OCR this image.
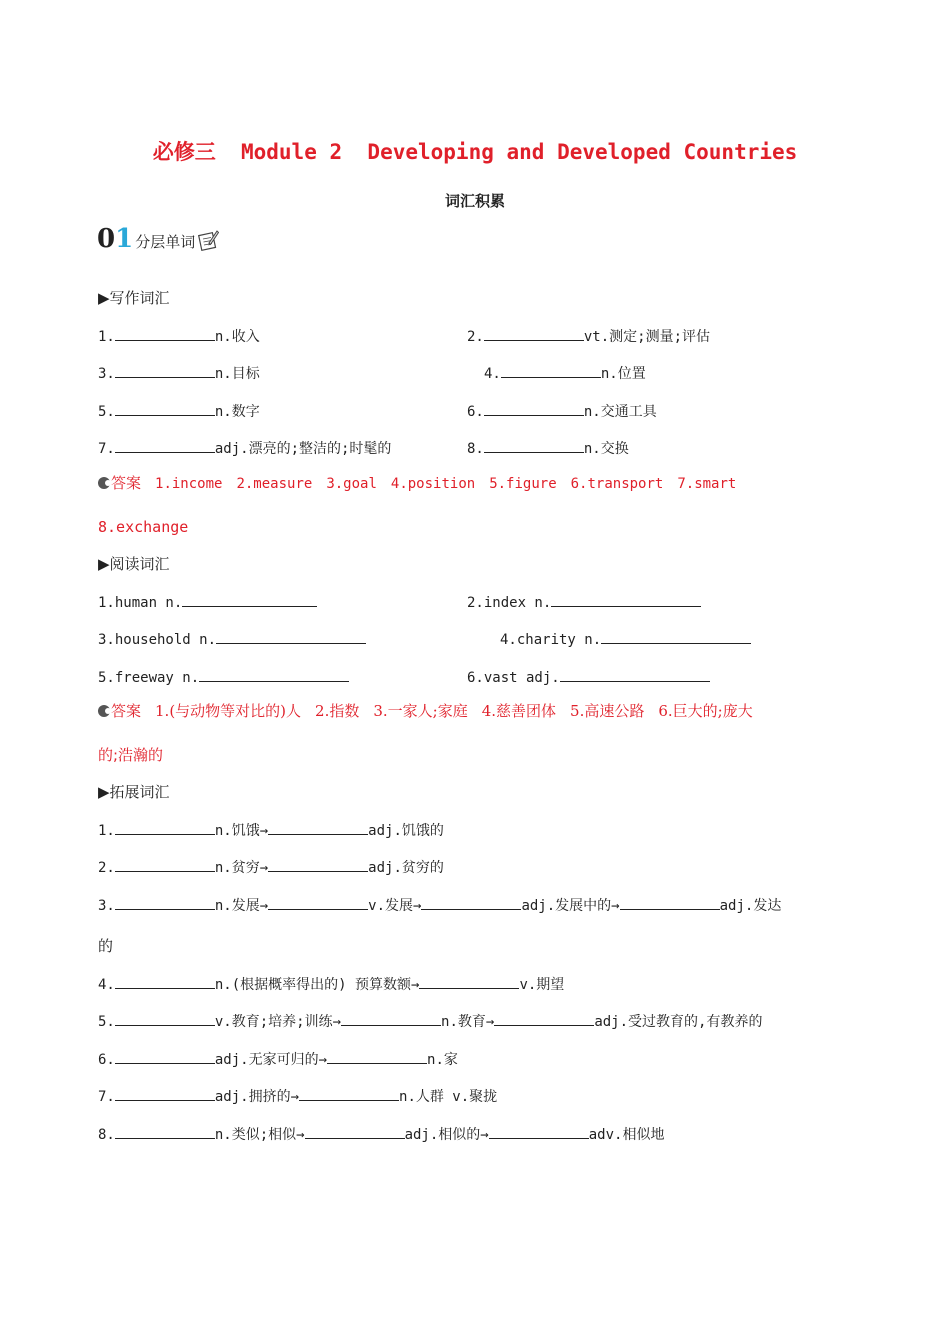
必修三  Module 2  Developing and Developed Countries
词汇积累
01 分层单词
▶写作词汇
1.	n.收入	2.	vt.测定;测量;评估
3.	n.目标	4.	n.位置
5.	n.数字	6.	n.交通工具
7.	adj.漂亮的;整洁的;时髦的	8.	n.交换
答案 1.income 2.measure 3.goal 4.position 5.figure 6.transport 7.smart
8.exchange
▶阅读词汇
1.human n.	2.index n.
3.household n.	4.charity n.
5.freeway n.	6.vast adj.
答案 1.(与动物等对比的)人 2.指数 3.一家人;家庭 4.慈善团体 5.高速公路 6.巨大的;庞大
的;浩瀚的
▶拓展词汇
1.	n.饥饿→	adj.饥饿的
2.	n.贫穷→	adj.贫穷的
3.	n.发展→	v.发展→	adj.发展中的→	adj.发达
的
4.	n.(根据概率得出的) 预算数额→	v.期望
5.	v.教育;培养;训练→	n.教育→	adj.受过教育的,有教养的
6.	adj.无家可归的→	n.家
7.	adj.拥挤的→	n.人群 v.聚拢
8.	n.类似;相似→	adj.相似的→	adv.相似地
